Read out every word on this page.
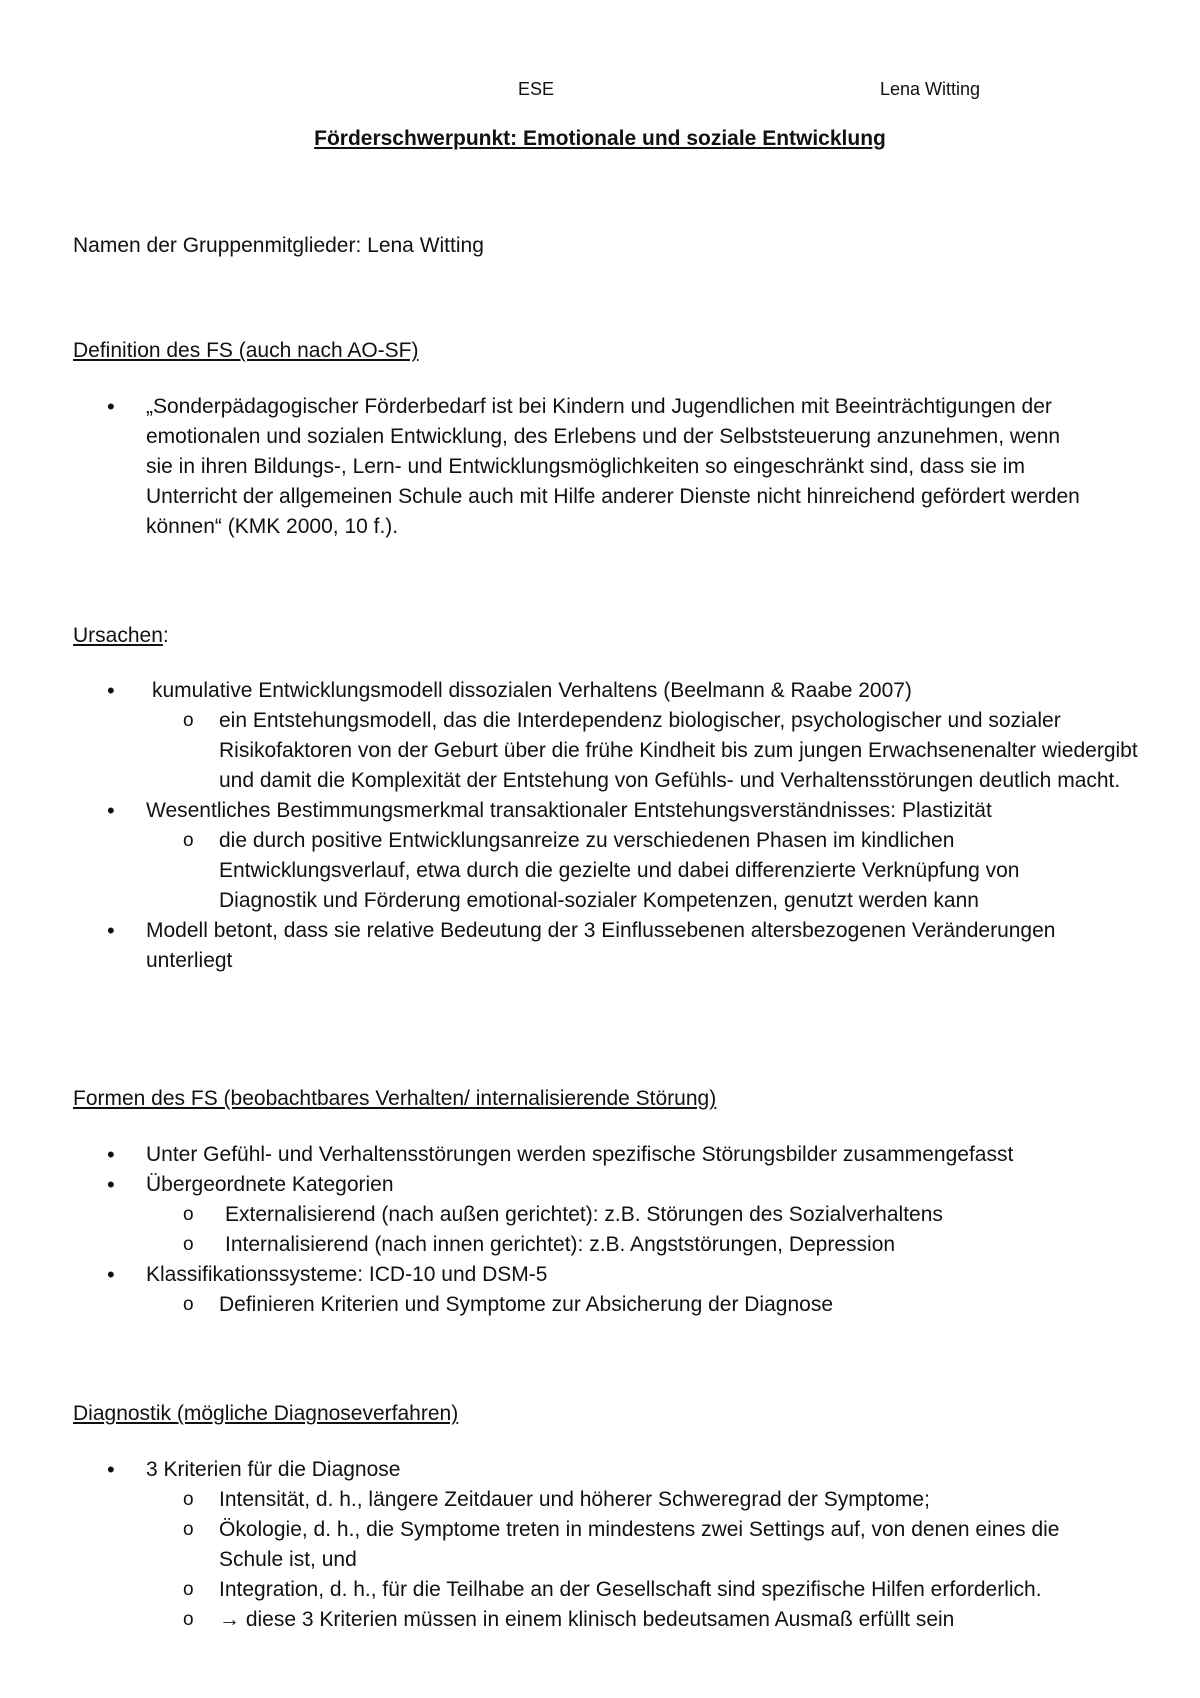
ESE	Lena Witting
Förderschwerpunkt: Emotionale und soziale Entwicklung
Namen der Gruppenmitglieder: Lena Witting
Definition des FS (auch nach AO-SF)
• „Sonderpädagogischer Förderbedarf ist bei Kindern und Jugendlichen mit Beeinträchtigungen der emotionalen und sozialen Entwicklung, des Erlebens und der Selbststeuerung anzunehmen, wenn sie in ihren Bildungs-, Lern- und Entwicklungsmöglichkeiten so eingeschränkt sind, dass sie im Unterricht der allgemeinen Schule auch mit Hilfe anderer Dienste nicht hinreichend gefördert werden können“ (KMK 2000, 10 f.).
Ursachen:
• kumulative Entwicklungsmodell dissozialen Verhaltens (Beelmann & Raabe 2007)
o ein Entstehungsmodell, das die Interdependenz biologischer, psychologischer und sozialer Risikofaktoren von der Geburt über die frühe Kindheit bis zum jungen Erwachsenenalter wiedergibt und damit die Komplexität der Entstehung von Gefühls- und Verhaltensstörungen deutlich macht.
• Wesentliches Bestimmungsmerkmal transaktionaler Entstehungsverständnisses: Plastizität
o die durch positive Entwicklungsanreize zu verschiedenen Phasen im kindlichen Entwicklungsverlauf, etwa durch die gezielte und dabei differenzierte Verknüpfung von Diagnostik und Förderung emotional-sozialer Kompetenzen, genutzt werden kann
• Modell betont, dass sie relative Bedeutung der 3 Einflussebenen altersbezogenen Veränderungen unterliegt
Formen des FS (beobachtbares Verhalten/ internalisierende Störung)
• Unter Gefühl- und Verhaltensstörungen werden spezifische Störungsbilder zusammengefasst
• Übergeordnete Kategorien
o Externalisierend (nach außen gerichtet): z.B. Störungen des Sozialverhaltens
o Internalisierend (nach innen gerichtet): z.B. Angststörungen, Depression
• Klassifikationssysteme: ICD-10 und DSM-5
o Definieren Kriterien und Symptome zur Absicherung der Diagnose
Diagnostik (mögliche Diagnoseverfahren)
• 3 Kriterien für die Diagnose
o Intensität, d. h., längere Zeitdauer und höherer Schweregrad der Symptome;
o Ökologie, d. h., die Symptome treten in mindestens zwei Settings auf, von denen eines die Schule ist, und
o Integration, d. h., für die Teilhabe an der Gesellschaft sind spezifische Hilfen erforderlich.
o → diese 3 Kriterien müssen in einem klinisch bedeutsamen Ausmaß erfüllt sein
